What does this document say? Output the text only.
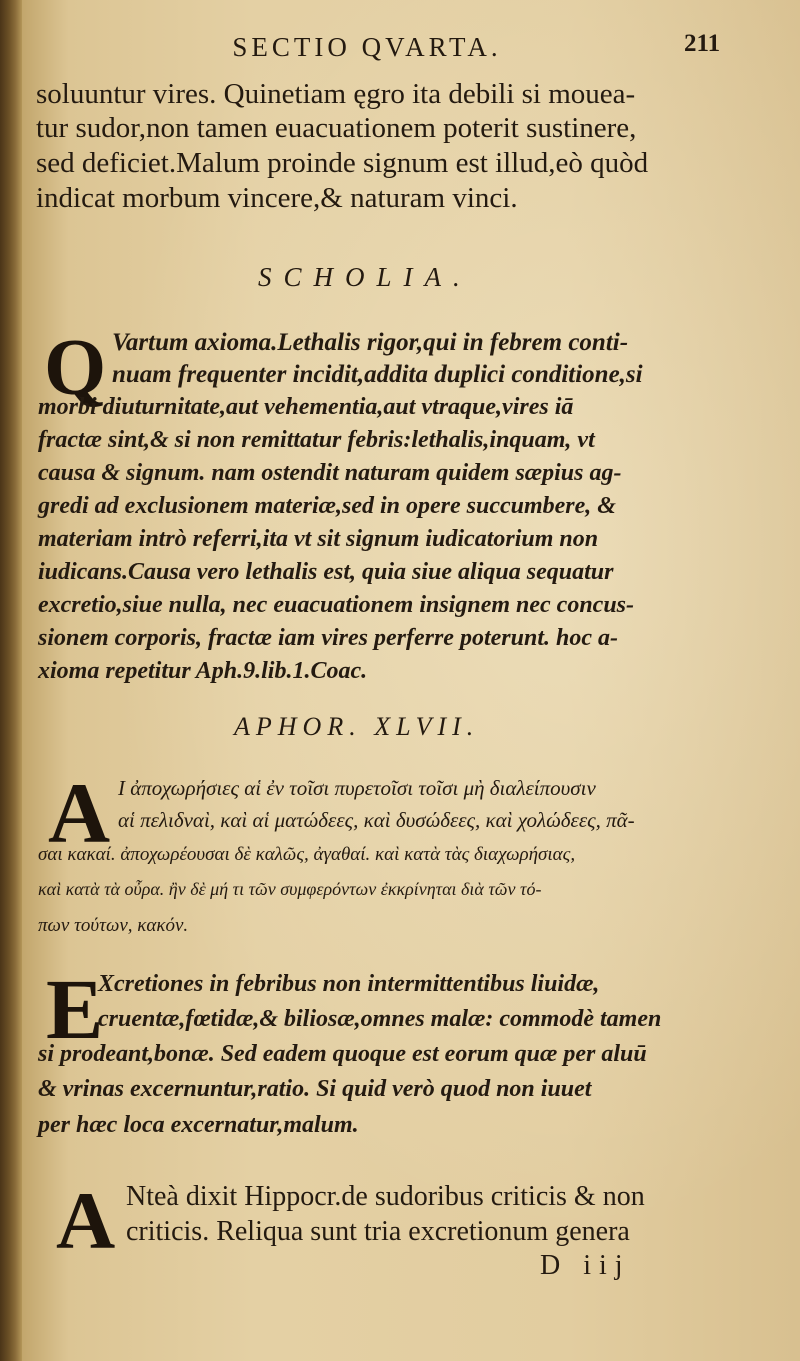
SECTIO QVARTA.	211
soluuntur vires. Quinetiam ęgro ita debili si mouea-
tur sudor,non tamen euacuationem poterit sustinere,
sed deficiet.Malum proinde signum est illud,eò quòd
indicat morbum vincere,& naturam vinci.
SCHOLIA.
Q Vartum axioma.Lethalis rigor,qui in febrem conti-
nuam frequenter incidit,addita duplici conditione,si
morbi diuturnitate,aut vehementia,aut vtraque,vires iā
fractæ sint,& si non remittatur febris:lethalis,inquam, vt
causa & signum. nam ostendit naturam quidem sæpius ag-
gredi ad exclusionem materiæ,sed in opere succumbere, &
materiam intrò referri,ita vt sit signum iudicatorium non
iudicans.Causa vero lethalis est, quia siue aliqua sequatur
excretio,siue nulla, nec euacuationem insignem nec concus-
sionem corporis, fractæ iam vires perferre poterunt. hoc a-
xioma repetitur Aph.9.lib.1.Coac.
APHOR. XLVII.
A I ἀποχωρήσιες αἱ ἐν τοῖσι πυρετοῖσι τοῖσι μὴ διαλείπουσιν
αἱ πελιδναὶ, καὶ αἱ ματώδεες, καὶ δυσώδεες, καὶ χολώδεες, πᾶ-
σαι κακαί. ἀποχωρέουσαι δὲ καλῶς, ἀγαθαί. καὶ κατὰ τὰς διαχωρήσιας,
καὶ κατὰ τὰ οὖρα. ἢν δὲ μή τι τῶν συμφερόντων ἐκκρίνηται διὰ τῶν τό-
πων τούτων, κακόν.
E
Xcretiones in febribus non intermittentibus liuidæ,
cruentæ,fœtidæ,& biliosæ,omnes malæ: commodè tamen
si prodeant,bonæ. Sed eadem quoque est eorum quæ per aluū
& vrinas excernuntur,ratio. Si quid verò quod non iuuet
per hæc loca excernatur,malum.
A Nteà dixit Hippocr.de sudoribus criticis & non
criticis. Reliqua sunt tria excretionum genera
D iij
